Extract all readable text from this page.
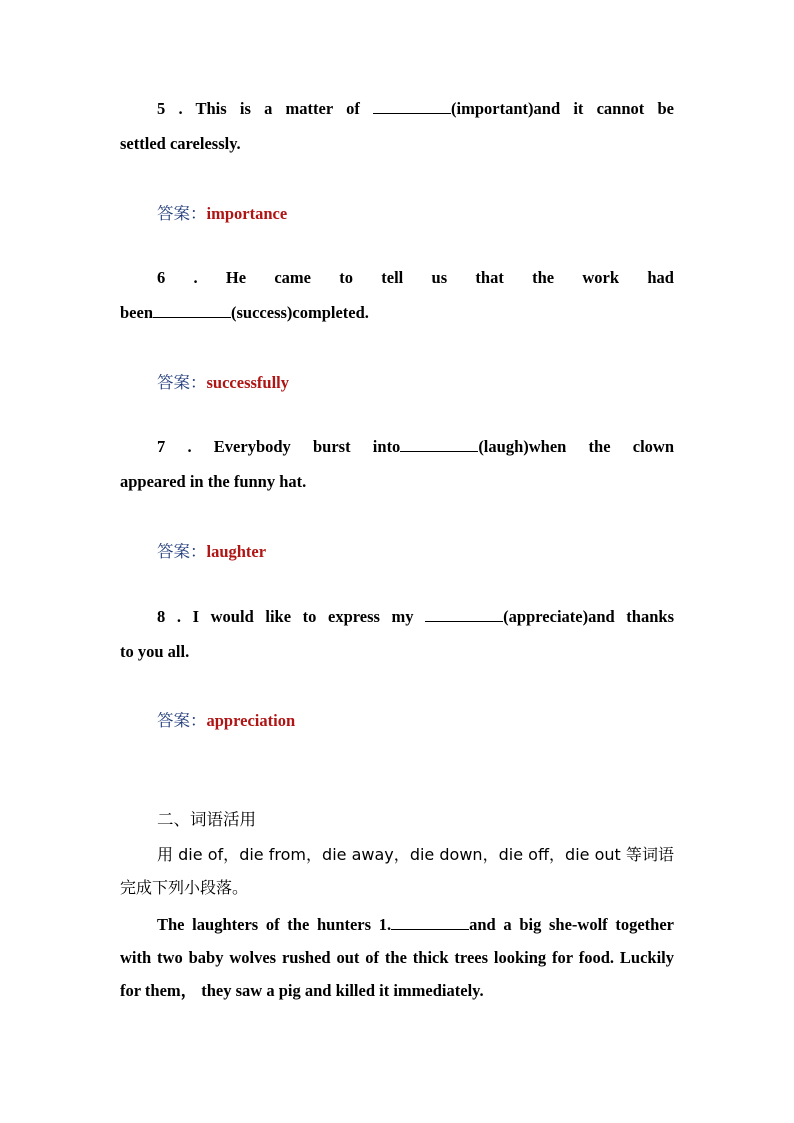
5 . This is a matter of	(important)and it cannot be
settled carelessly.
答案：importance
6 . He came to tell us that the work had
been	(success)completed.
答案：successfully
7 . Everybody burst into	(laugh)when the clown
appeared in the funny hat.
答案：laughter
8 . I would like to express my	(appreciate)and thanks
to you all.
答案：appreciation
二、词语活用
用 die of，die from，die away，die down，die off，die out 等词语完成下列小段落。
The laughters of the hunters 1.	and a big she-wolf together with two baby wolves rushed out of the thick trees looking for food. Luckily for them， they saw a pig and killed it immediately.
